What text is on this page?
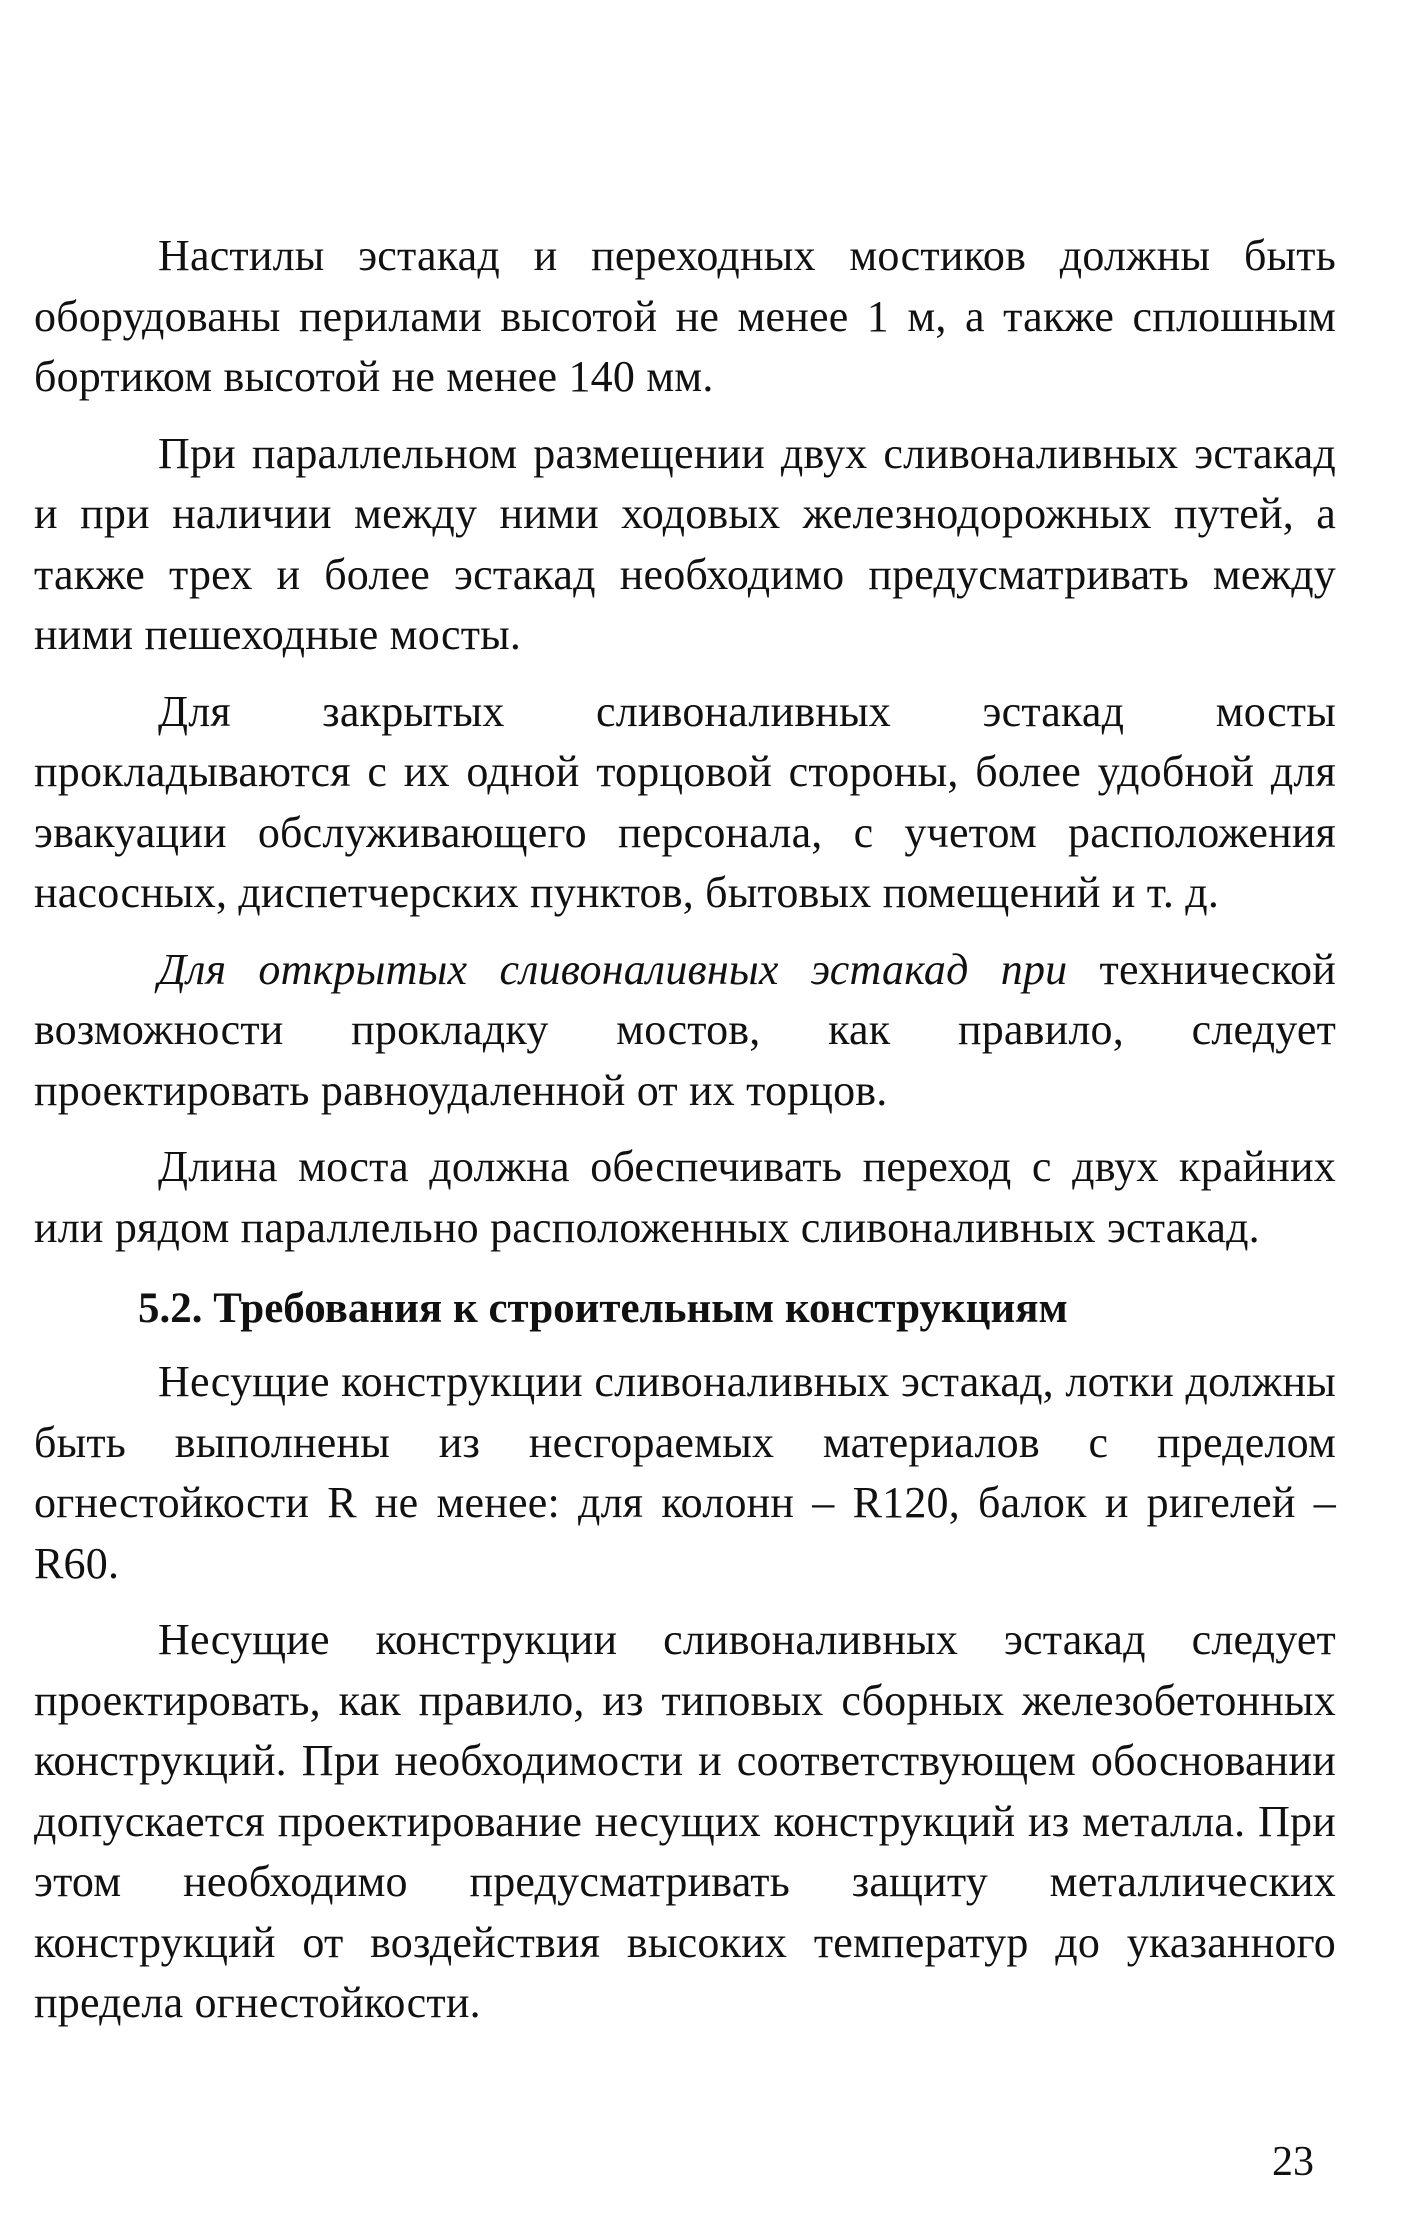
Настилы эстакад и переходных мостиков должны быть оборудованы перилами высотой не менее 1 м, а также сплошным бортиком высотой не менее 140 мм.

При параллельном размещении двух сливоналивных эстакад и при наличии между ними ходовых железнодорожных путей, а также трех и более эстакад необходимо предусматривать между ними пешеходные мосты.

Для закрытых сливоналивных эстакад мосты прокладываются с их одной торцовой стороны, более удобной для эвакуации обслуживающего персонала, с учетом расположения насосных, диспетчерских пунктов, бытовых помещений и т. д.

Для открытых сливоналивных эстакад при технической возможности прокладку мостов, как правило, следует проектировать равноудаленной от их торцов.

Длина моста должна обеспечивать переход с двух крайних или рядом параллельно расположенных сливоналивных эстакад.

5.2. Требования к строительным конструкциям

Несущие конструкции сливоналивных эстакад, лотки должны быть выполнены из несгораемых материалов с пределом огнестойкости R не менее: для колонн – R120, балок и ригелей – R60.

Несущие конструкции сливоналивных эстакад следует проектировать, как правило, из типовых сборных железобетонных конструкций. При необходимости и соответствующем обосновании допускается проектирование несущих конструкций из металла. При этом необходимо предусматривать защиту металлических конструкций от воздействия высоких температур до указанного предела огнестойкости.

23
